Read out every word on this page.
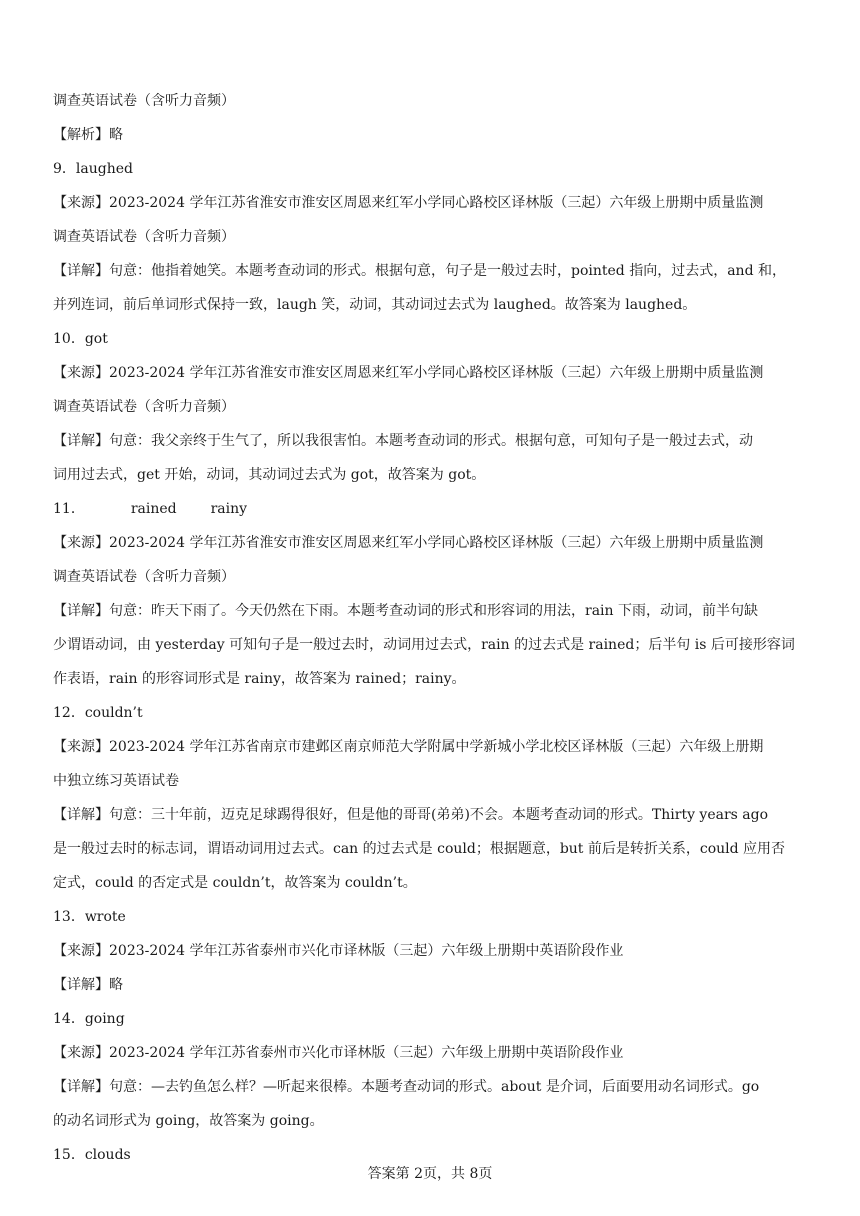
调查英语试卷（含听力音频）
【解析】略
9．laughed
【来源】2023-2024 学年江苏省淮安市淮安区周恩来红军小学同心路校区译林版（三起）六年级上册期中质量监测
调查英语试卷（含听力音频）
【详解】句意：他指着她笑。本题考查动词的形式。根据句意，句子是一般过去时，pointed 指向，过去式，and 和，
并列连词，前后单词形式保持一致，laugh 笑，动词，其动词过去式为 laughed。故答案为 laughed。
10．got
【来源】2023-2024 学年江苏省淮安市淮安区周恩来红军小学同心路校区译林版（三起）六年级上册期中质量监测
调查英语试卷（含听力音频）
【详解】句意：我父亲终于生气了，所以我很害怕。本题考查动词的形式。根据句意，可知句子是一般过去式，动
词用过去式，get 开始，动词，其动词过去式为 got，故答案为 got。
11．	rained rainy
【来源】2023-2024 学年江苏省淮安市淮安区周恩来红军小学同心路校区译林版（三起）六年级上册期中质量监测
调查英语试卷（含听力音频）
【详解】句意：昨天下雨了。今天仍然在下雨。本题考查动词的形式和形容词的用法，rain 下雨，动词，前半句缺
少谓语动词，由 yesterday 可知句子是一般过去时，动词用过去式，rain 的过去式是 rained；后半句 is 后可接形容词
作表语，rain 的形容词形式是 rainy，故答案为 rained；rainy。
12．couldn’t
【来源】2023-2024 学年江苏省南京市建邺区南京师范大学附属中学新城小学北校区译林版（三起）六年级上册期
中独立练习英语试卷
【详解】句意：三十年前，迈克足球踢得很好，但是他的哥哥(弟弟)不会。本题考查动词的形式。Thirty years ago
是一般过去时的标志词，谓语动词用过去式。can 的过去式是 could；根据题意，but 前后是转折关系，could 应用否
定式，could 的否定式是 couldn’t，故答案为 couldn’t。
13．wrote
【来源】2023-2024 学年江苏省泰州市兴化市译林版（三起）六年级上册期中英语阶段作业
【详解】略
14．going
【来源】2023-2024 学年江苏省泰州市兴化市译林版（三起）六年级上册期中英语阶段作业
【详解】句意：—去钓鱼怎么样？—听起来很棒。本题考查动词的形式。about 是介词，后面要用动名词形式。go
的动名词形式为 going，故答案为 going。
15．clouds
答案第 2页，共 8页
